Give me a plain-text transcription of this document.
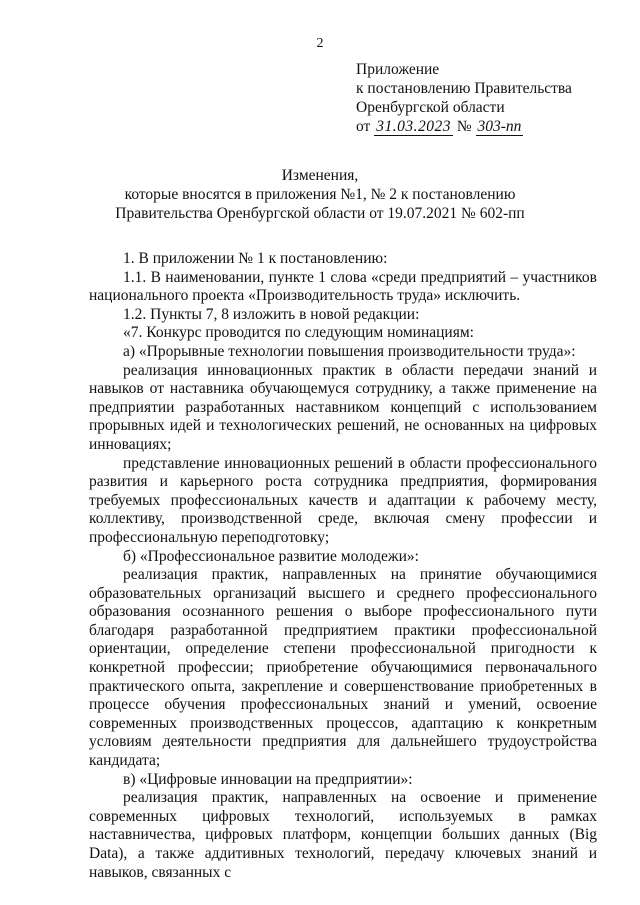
2
Приложение
к постановлению Правительства
Оренбургской области
от 31.03.2023 № 303-пп
Изменения,
которые вносятся в приложения №1, № 2 к постановлению
Правительства Оренбургской области от 19.07.2021 № 602-пп

1. В приложении № 1 к постановлению:

1.1. В наименовании, пункте 1 слова «среди предприятий – участников национального проекта «Производительность труда» исключить.

1.2. Пункты 7, 8 изложить в новой редакции:

«7. Конкурс проводится по следующим номинациям:

а) «Прорывные технологии повышения производительности труда»:

реализация инновационных практик в области передачи знаний и навыков от наставника обучающемуся сотруднику, а также применение на предприятии разработанных наставником концепций с использованием прорывных идей и технологических решений, не основанных на цифровых инновациях;

представление инновационных решений в области профессионального развития и карьерного роста сотрудника предприятия, формирования требуемых профессиональных качеств и адаптации к рабочему месту, коллективу, производственной среде, включая смену профессии и профессиональную переподготовку;

б) «Профессиональное развитие молодежи»:

реализация практик, направленных на принятие обучающимися образовательных организаций высшего и среднего профессионального образования осознанного решения о выборе профессионального пути благодаря разработанной предприятием практики профессиональной ориентации, определение степени профессиональной пригодности к конкретной профессии; приобретение обучающимися первоначального практического опыта, закрепление и совершенствование приобретенных в процессе обучения профессиональных знаний и умений, освоение современных производственных процессов, адаптацию к конкретным условиям деятельности предприятия для дальнейшего трудоустройства кандидата;

в) «Цифровые инновации на предприятии»:

реализация практик, направленных на освоение и применение современных цифровых технологий, используемых в рамках наставничества, цифровых платформ, концепции больших данных (Big Data), а также аддитивных технологий, передачу ключевых знаний и навыков, связанных с
